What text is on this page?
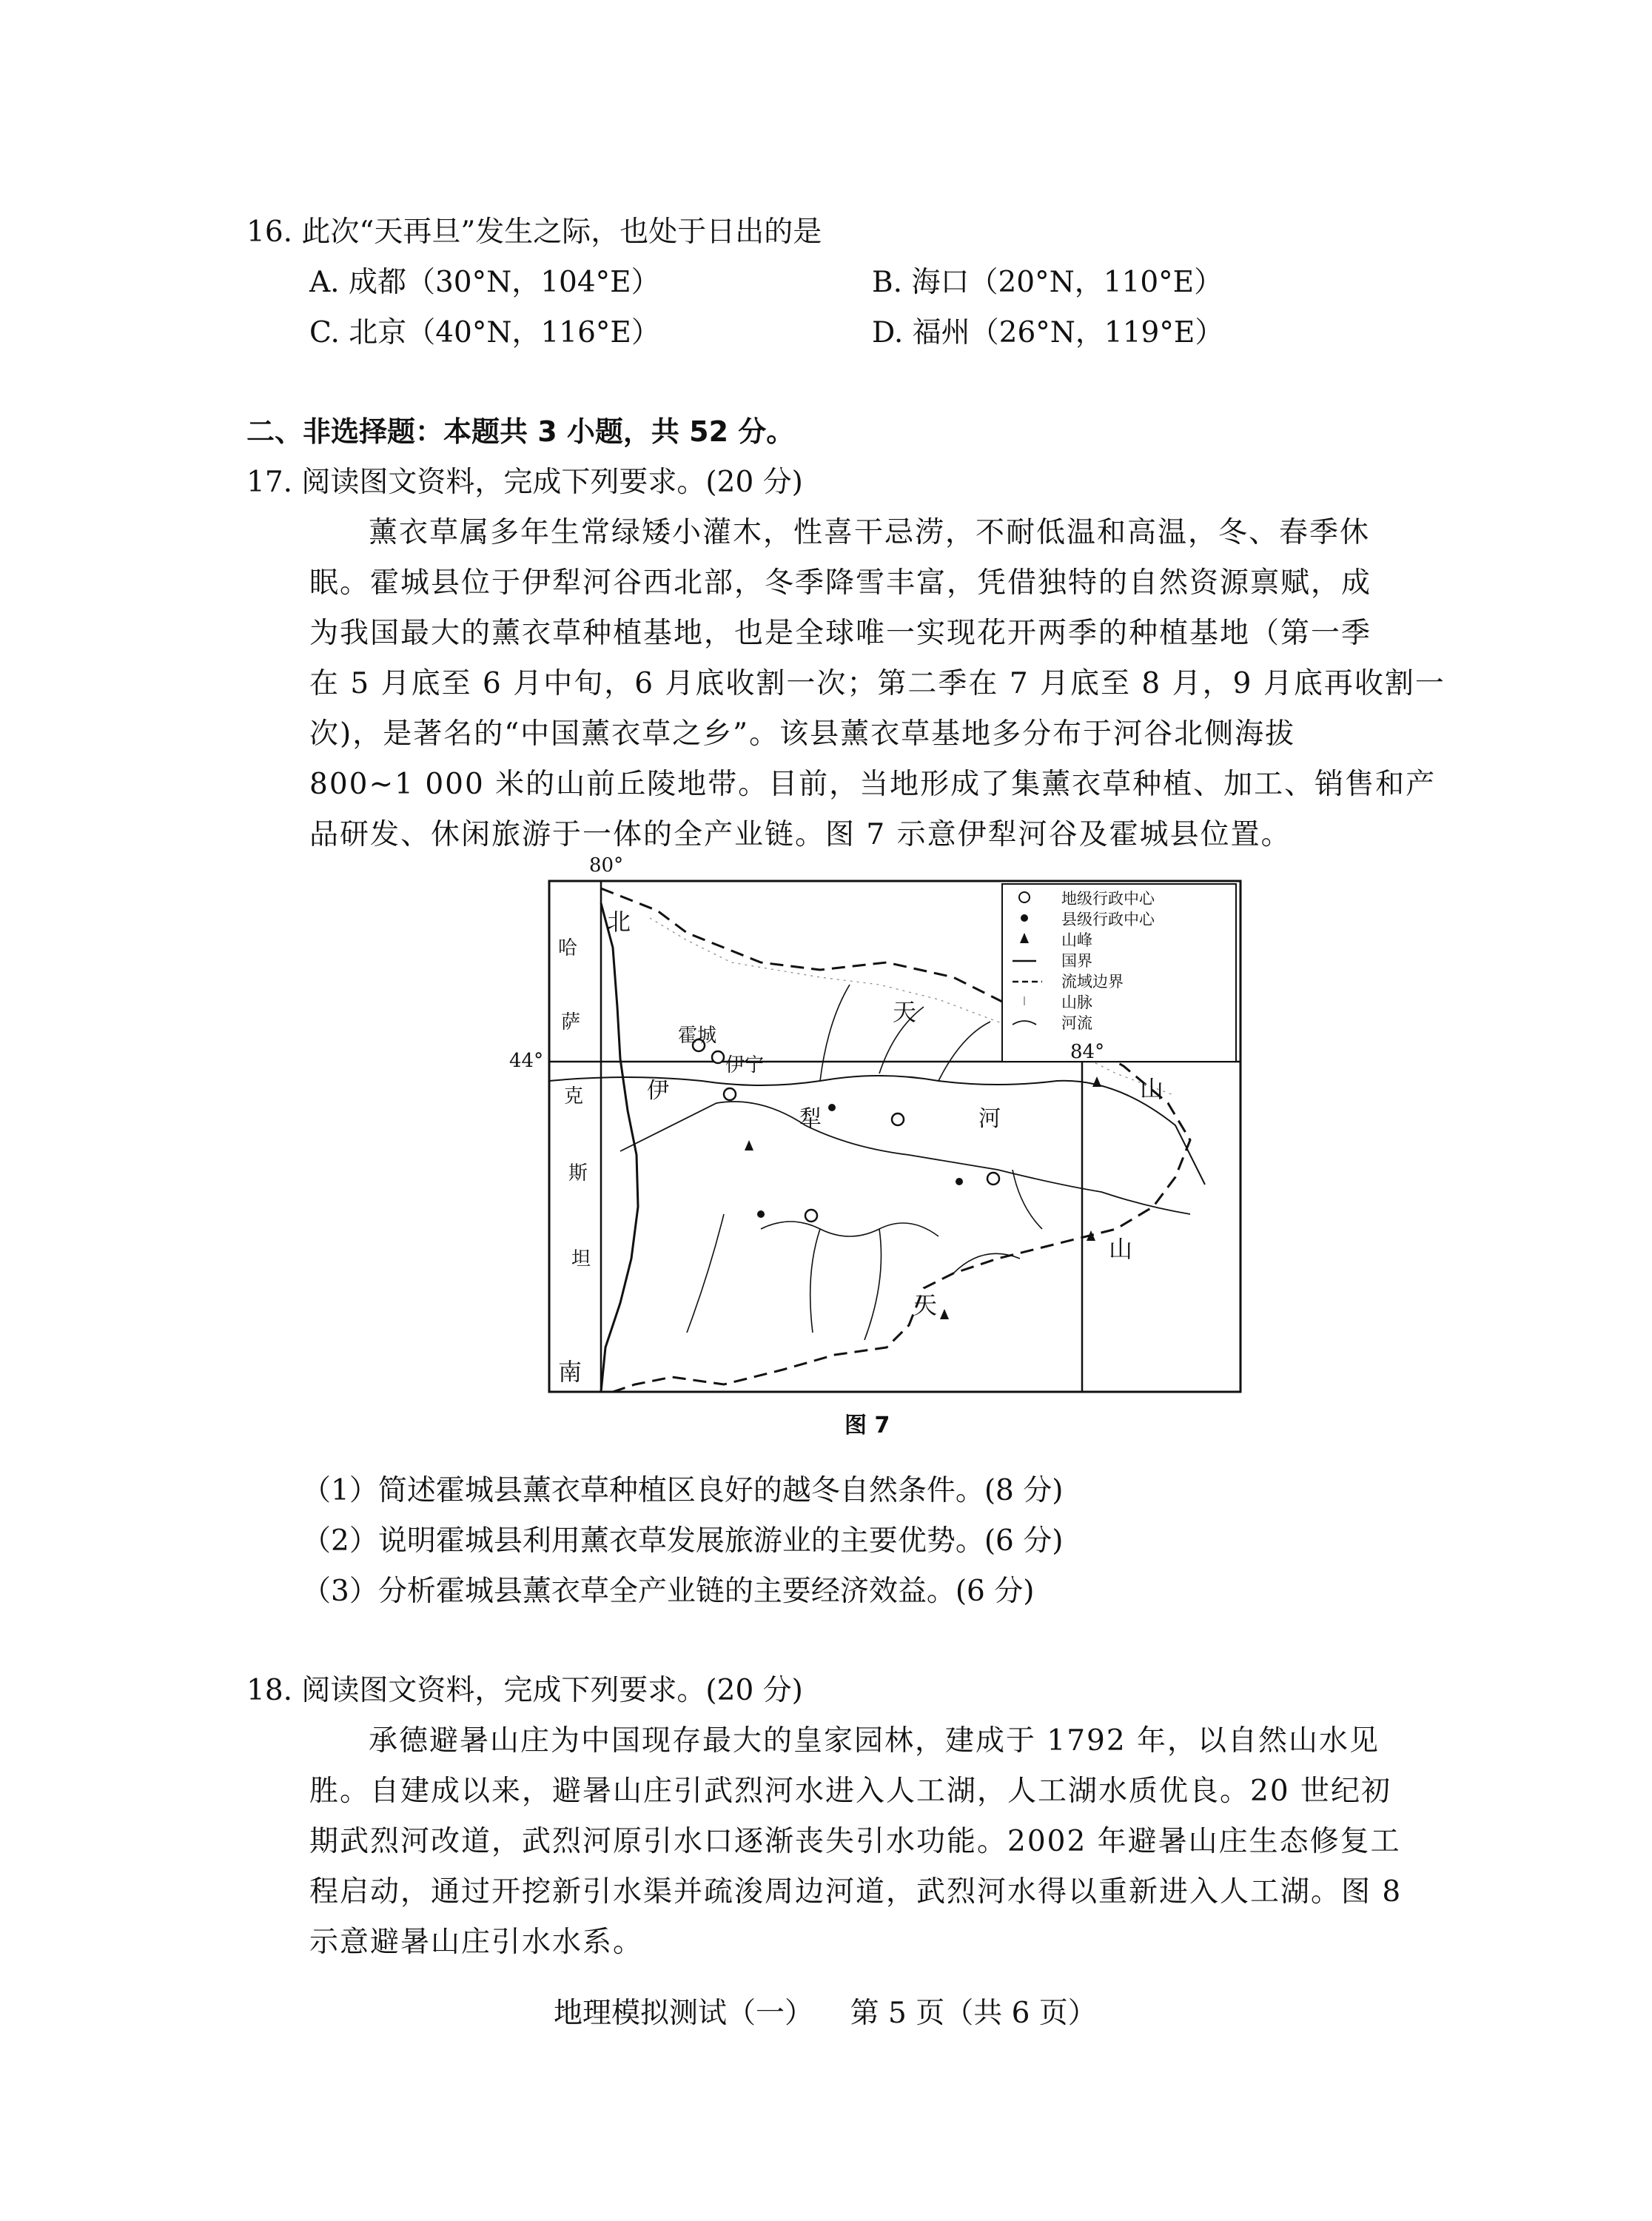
16. 此次“天再旦”发生之际，也处于日出的是
A. 成都（30°N，104°E）	B. 海口（20°N，110°E）
C. 北京（40°N，116°E）	D. 福州（26°N，119°E）
二、非选择题：本题共 3 小题，共 52 分。
17. 阅读图文资料，完成下列要求。(20 分)
薰衣草属多年生常绿矮小灌木，性喜干忌涝，不耐低温和高温，冬、春季休
眠。霍城县位于伊犁河谷西北部，冬季降雪丰富，凭借独特的自然资源禀赋，成
为我国最大的薰衣草种植基地，也是全球唯一实现花开两季的种植基地（第一季
在 5 月底至 6 月中旬，6 月底收割一次；第二季在 7 月底至 8 月，9 月底再收割一
次)，是著名的“中国薰衣草之乡”。该县薰衣草基地多分布于河谷北侧海拔
800~1 000 米的山前丘陵地带。目前，当地形成了集薰衣草种植、加工、销售和产
品研发、休闲旅游于一体的全产业链。图 7 示意伊犁河谷及霍城县位置。
地级行政中心
县级行政中心
山峰
国界
流域边界
山脉
河流
80°
84°
44°
哈
萨
克
斯
坦
北
南
霍城
伊宁
伊
犁	河
天
山
山
天
图 7
（1）简述霍城县薰衣草种植区良好的越冬自然条件。(8 分)
（2）说明霍城县利用薰衣草发展旅游业的主要优势。(6 分)
（3）分析霍城县薰衣草全产业链的主要经济效益。(6 分)
18. 阅读图文资料，完成下列要求。(20 分)
承德避暑山庄为中国现存最大的皇家园林，建成于 1792 年，以自然山水见
胜。自建成以来，避暑山庄引武烈河水进入人工湖，人工湖水质优良。20 世纪初
期武烈河改道，武烈河原引水口逐渐丧失引水功能。2002 年避暑山庄生态修复工
程启动，通过开挖新引水渠并疏浚周边河道，武烈河水得以重新进入人工湖。图 8
示意避暑山庄引水水系。
地理模拟测试（一）    第 5 页（共 6 页）
